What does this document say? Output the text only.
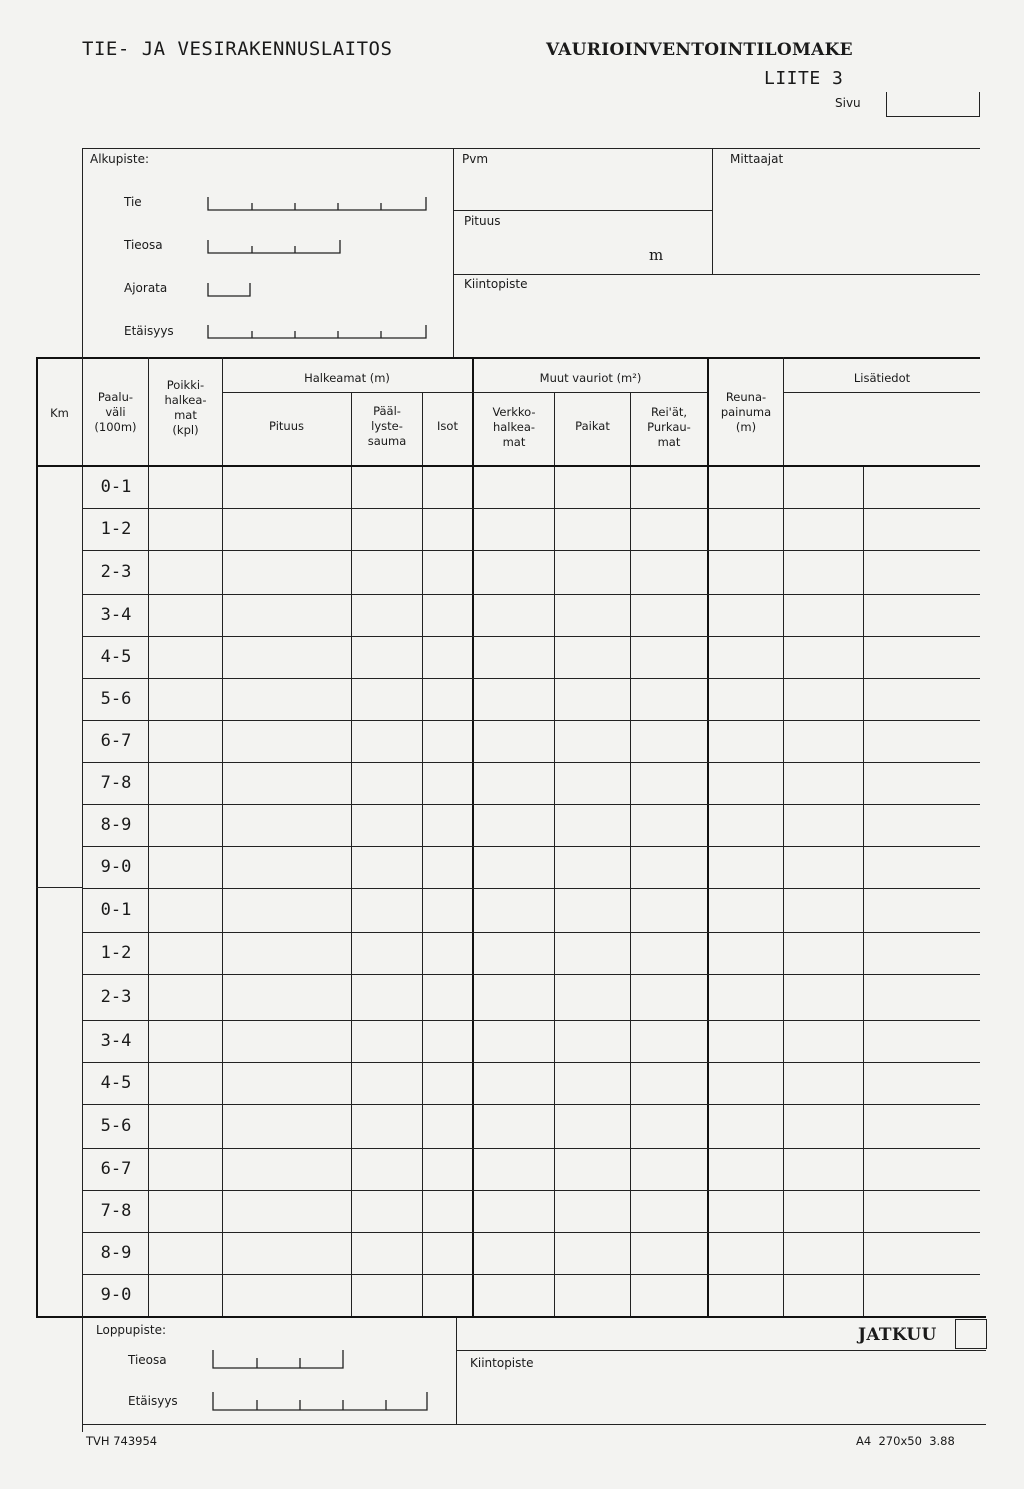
TIE- JA VESIRAKENNUSLAITOS	VAURIOINVENTOINTILOMAKE
LIITE 3
Sivu
Alkupiste:
Tie
Tieosa
Ajorata
Etäisyys
Pvm
Pituus
m
Kiintopiste
Mittaajat
Km
Paalu-
väli
(100m)
Poikki-
halkea-
mat
(kpl)
Halkeamat (m)
Pituus
Pääl-
lyste-
sauma
Isot
Muut vauriot (m²)
Verkko-
halkea-
mat
Paikat
Rei'ät,
Purkau-
mat
Reuna-
painuma
(m)
Lisätiedot
0-1
1-2
2-3
3-4
4-5
5-6
6-7
7-8
8-9
9-0
0-1
1-2
2-3
3-4
4-5
5-6
6-7
7-8
8-9
9-0
Loppupiste:
Tieosa
Etäisyys
Kiintopiste
JATKUU
TVH 743954	A4  270x50  3.88
